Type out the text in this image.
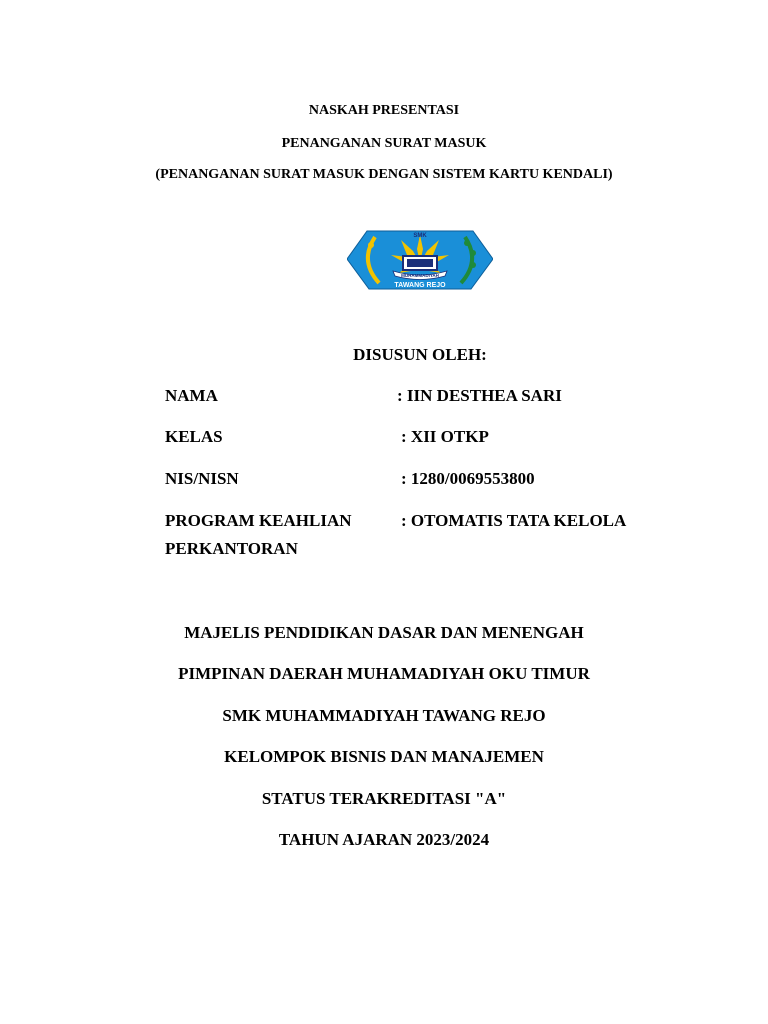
NASKAH PRESENTASI
PENANGANAN SURAT MASUK
(PENANGANAN SURAT MASUK DENGAN SISTEM KARTU KENDALI)
SMK
MUHAMMADIYAH
TAWANG REJO
DISUSUN OLEH:
NAMA	: IIN DESTHEA SARI
KELAS	: XII OTKP
NIS/NISN	: 1280/0069553800
PROGRAM KEAHLIAN	: OTOMATIS TATA KELOLA
PERKANTORAN
MAJELIS PENDIDIKAN DASAR DAN MENENGAH
PIMPINAN DAERAH MUHAMADIYAH OKU TIMUR
SMK MUHAMMADIYAH TAWANG REJO
KELOMPOK BISNIS DAN MANAJEMEN
STATUS TERAKREDITASI "A"
TAHUN AJARAN 2023/2024
